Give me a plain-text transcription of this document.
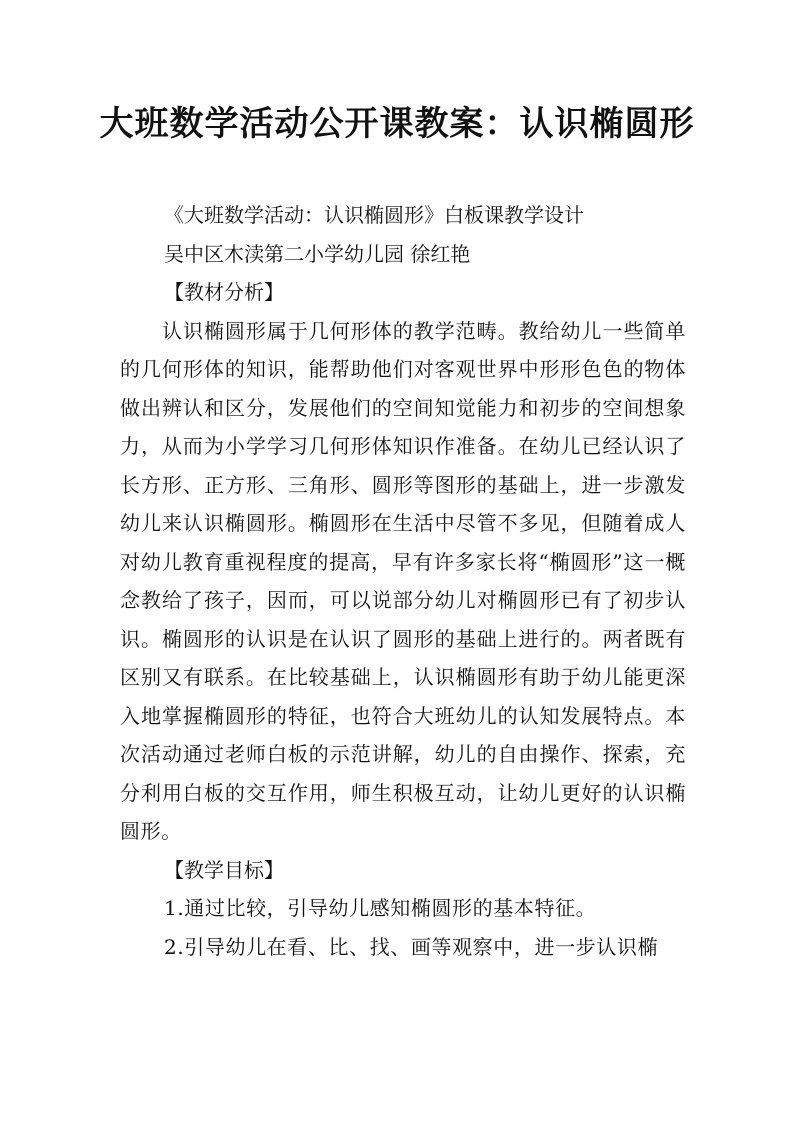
大班数学活动公开课教案：认识椭圆形
《大班数学活动：认识椭圆形》白板课教学设计
吴中区木渎第二小学幼儿园 徐红艳
【教材分析】
认识椭圆形属于几何形体的教学范畴。教给幼儿一些简单的几何形体的知识，能帮助他们对客观世界中形形色色的物体做出辨认和区分，发展他们的空间知觉能力和初步的空间想象力，从而为小学学习几何形体知识作准备。在幼儿已经认识了长方形、正方形、三角形、圆形等图形的基础上，进一步激发幼儿来认识椭圆形。椭圆形在生活中尽管不多见，但随着成人对幼儿教育重视程度的提高，早有许多家长将“椭圆形”这一概念教给了孩子，因而，可以说部分幼儿对椭圆形已有了初步认识。椭圆形的认识是在认识了圆形的基础上进行的。两者既有区别又有联系。在比较基础上，认识椭圆形有助于幼儿能更深入地掌握椭圆形的特征，也符合大班幼儿的认知发展特点。本次活动通过老师白板的示范讲解，幼儿的自由操作、探索，充分利用白板的交互作用，师生积极互动，让幼儿更好的认识椭圆形。
【教学目标】
1.通过比较，引导幼儿感知椭圆形的基本特征。
2.引导幼儿在看、比、找、画等观察中，进一步认识椭
